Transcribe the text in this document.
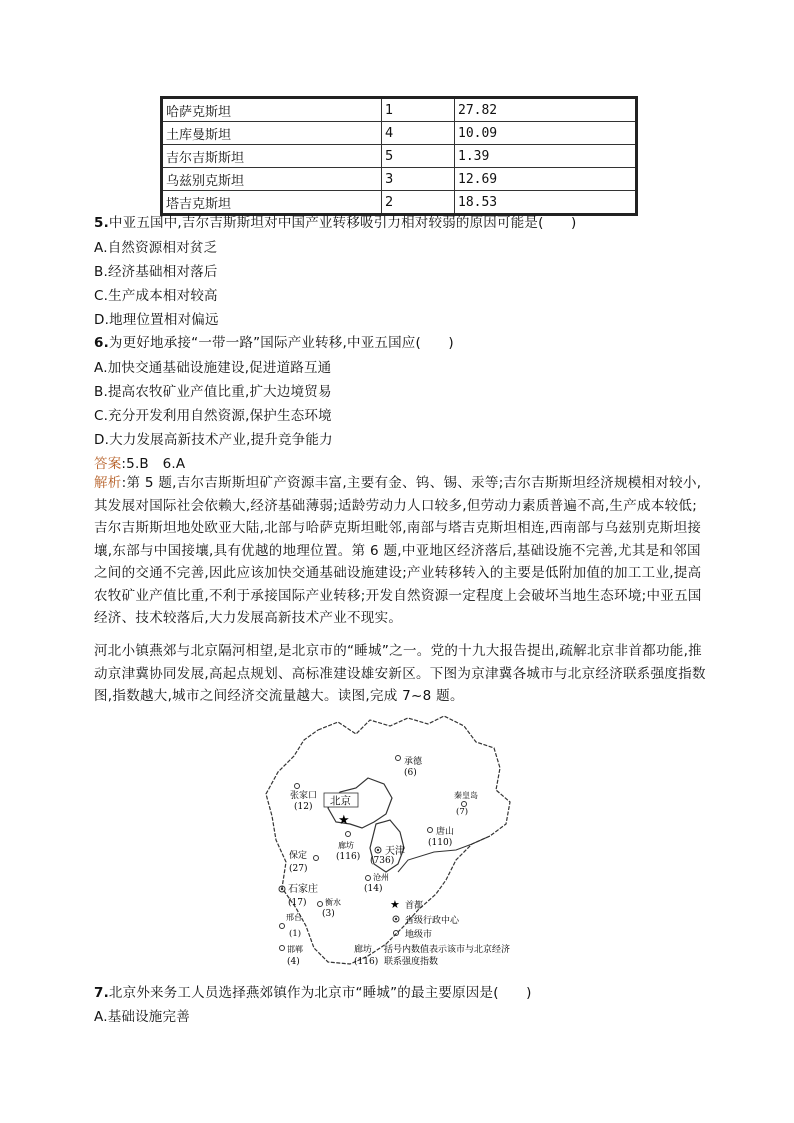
哈萨克斯坦	1	27.82
土库曼斯坦	4	10.09
吉尔吉斯斯坦	5	1.39
乌兹别克斯坦	3	12.69
塔吉克斯坦	2	18.53
5.中亚五国中,吉尔吉斯斯坦对中国产业转移吸引力相对较弱的原因可能是(　　)
A.自然资源相对贫乏
B.经济基础相对落后
C.生产成本相对较高
D.地理位置相对偏远
6.为更好地承接“一带一路”国际产业转移,中亚五国应(　　)
A.加快交通基础设施建设,促进道路互通
B.提高农牧矿业产值比重,扩大边境贸易
C.充分开发利用自然资源,保护生态环境
D.大力发展高新技术产业,提升竞争能力
答案:5.B　6.A
解析:第 5 题,吉尔吉斯斯坦矿产资源丰富,主要有金、钨、锡、汞等;吉尔吉斯斯坦经济规模相对较小,其发展对国际社会依赖大,经济基础薄弱;适龄劳动力人口较多,但劳动力素质普遍不高,生产成本较低;吉尔吉斯斯坦地处欧亚大陆,北部与哈萨克斯坦毗邻,南部与塔吉克斯坦相连,西南部与乌兹别克斯坦接壤,东部与中国接壤,具有优越的地理位置。第 6 题,中亚地区经济落后,基础设施不完善,尤其是和邻国之间的交通不完善,因此应该加快交通基础设施建设;产业转移转入的主要是低附加值的加工工业,提高农牧矿业产值比重,不利于承接国际产业转移;开发自然资源一定程度上会破坏当地生态环境;中亚五国经济、技术较落后,大力发展高新技术产业不现实。
河北小镇燕郊与北京隔河相望,是北京市的“睡城”之一。党的十九大报告提出,疏解北京非首都功能,推动京津冀协同发展,高起点规划、高标准建设雄安新区。下图为京津冀各城市与北京经济联系强度指数图,指数越大,城市之间经济交流量越大。读图,完成 7~8 题。
北京
★
张家口
(12)
承德
(6)
秦皇岛
(7)
唐山
(110)
廊坊
(116) 天津
(736)
保定
(27)
沧州
(14)
石家庄
(17) 衡水
(3)
邢台
(1)
邯郸
(4)
★ 首都
省级行政中心
地级市
廊坊 括号内数值表示该市与北京经济
(116) 联系强度指数
7.北京外来务工人员选择燕郊镇作为北京市“睡城”的最主要原因是(　　)
A.基础设施完善
